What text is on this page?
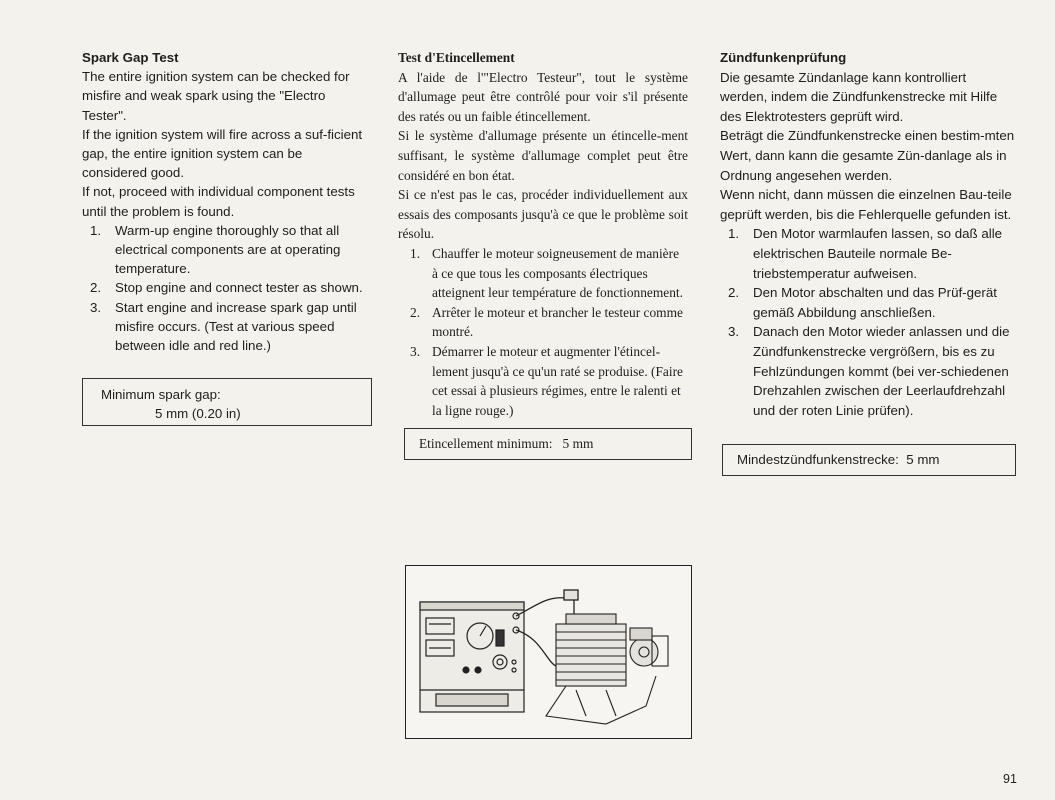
Spark Gap Test

The entire ignition system can be checked for misfire and weak spark using the "Electro Tester".

If the ignition system will fire across a suf-ficient gap, the entire ignition system can be considered good.

If not, proceed with individual component tests until the problem is found.

1. Warm-up engine thoroughly so that all electrical components are at operating temperature.
2. Stop engine and connect tester as shown.
3. Start engine and increase spark gap until misfire occurs. (Test at various speed between idle and red line.)
Minimum spark gap:
5 mm (0.20 in)

Test d'Etincellement

A l'aide de l'"Electro Testeur", tout le système d'allumage peut être contrôlé pour voir s'il présente des ratés ou un faible étincellement.

Si le système d'allumage présente un étincelle-ment suffisant, le système d'allumage complet peut être considéré en bon état.

Si ce n'est pas le cas, procéder individuellement aux essais des composants jusqu'à ce que le problème soit résolu.

1. Chauffer le moteur soigneusement de manière à ce que tous les composants électriques atteignent leur température de fonctionnement.
2. Arrêter le moteur et brancher le testeur comme montré.
3. Démarrer le moteur et augmenter l'étincel-lement jusqu'à ce qu'un raté se produise. (Faire cet essai à plusieurs régimes, entre le ralenti et la ligne rouge.)
Etincellement minimum:   5 mm

Zündfunkenprüfung

Die gesamte Zündanlage kann kontrolliert werden, indem die Zündfunkenstrecke mit Hilfe des Elektrotesters geprüft wird.

Beträgt die Zündfunkenstrecke einen bestim-mten Wert, dann kann die gesamte Zün-danlage als in Ordnung angesehen werden.

Wenn nicht, dann müssen die einzelnen Bau-teile geprüft werden, bis die Fehlerquelle gefunden ist.

1. Den Motor warmlaufen lassen, so daß alle elektrischen Bauteile normale Be-triebstemperatur aufweisen.
2. Den Motor abschalten und das Prüf-gerät gemäß Abbildung anschließen.
3. Danach den Motor wieder anlassen und die Zündfunkenstrecke vergrößern, bis es zu Fehlzündungen kommt (bei ver-schiedenen Drehzahlen zwischen der Leerlaufdrehzahl und der roten Linie prüfen).
Mindestzündfunkenstrecke:  5 mm
91
